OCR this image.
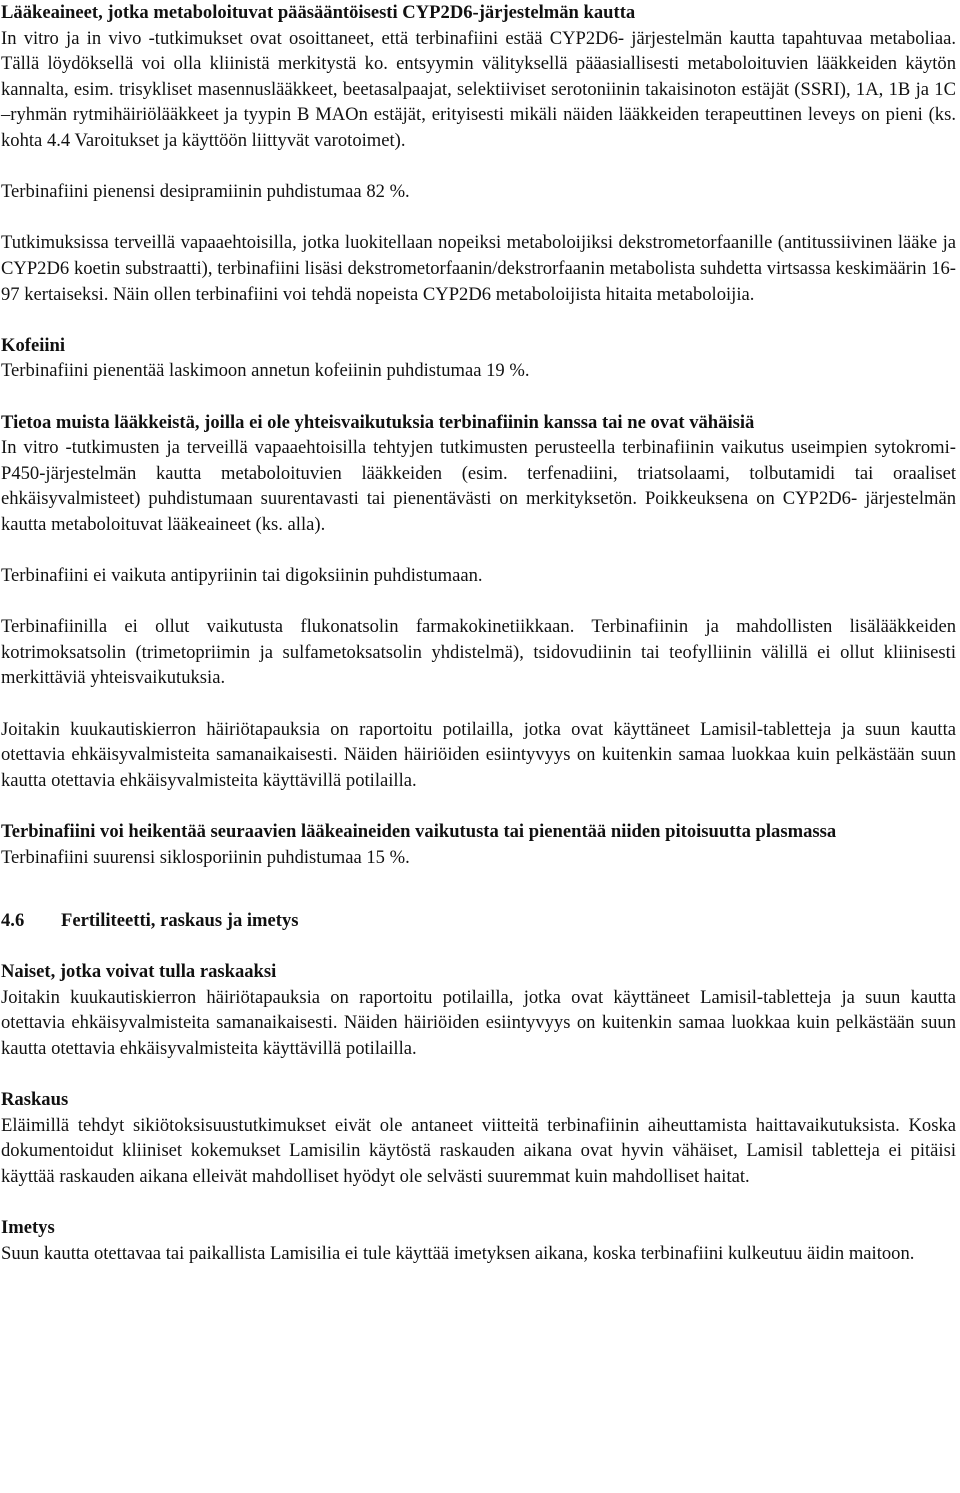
Lääkeaineet, jotka metaboloituvat pääsääntöisesti CYP2D6-järjestelmän kautta

In vitro ja in vivo -tutkimukset ovat osoittaneet, että terbinafiini estää CYP2D6- järjestelmän kautta tapahtuvaa metaboliaa. Tällä löydöksellä voi olla kliinistä merkitystä ko. entsyymin välityksellä pääasiallisesti metaboloituvien lääkkeiden käytön kannalta, esim. trisykliset masennuslääkkeet, beetasalpaajat, selektiiviset serotoniinin takaisinoton estäjät (SSRI), 1A, 1B ja 1C –ryhmän rytmihäiriölääkkeet ja tyypin B MAOn estäjät, erityisesti mikäli näiden lääkkeiden terapeuttinen leveys on pieni (ks. kohta 4.4 Varoitukset ja käyttöön liittyvät varotoimet).

Terbinafiini pienensi desipramiinin puhdistumaa 82 %.

Tutkimuksissa terveillä vapaaehtoisilla, jotka luokitellaan nopeiksi metaboloijiksi dekstrometorfaanille (antitussiivinen lääke ja CYP2D6 koetin substraatti), terbinafiini lisäsi dekstrometorfaanin/dekstrorfaanin metabolista suhdetta virtsassa keskimäärin 16-97 kertaiseksi. Näin ollen terbinafiini voi tehdä nopeista CYP2D6 metaboloijista hitaita metaboloijia.

Kofeiini

Terbinafiini pienentää laskimoon annetun kofeiinin puhdistumaa 19 %.

Tietoa muista lääkkeistä, joilla ei ole yhteisvaikutuksia terbinafiinin kanssa tai ne ovat vähäisiä

In vitro -tutkimusten ja terveillä vapaaehtoisilla tehtyjen tutkimusten perusteella terbinafiinin vaikutus useimpien sytokromi-P450-järjestelmän kautta metaboloituvien lääkkeiden (esim. terfenadiini, triatsolaami, tolbutamidi tai oraaliset ehkäisyvalmisteet) puhdistumaan suurentavasti tai pienentävästi on merkityksetön. Poikkeuksena on CYP2D6- järjestelmän kautta metaboloituvat lääkeaineet (ks. alla).

Terbinafiini ei vaikuta antipyriinin tai digoksiinin puhdistumaan.

Terbinafiinilla ei ollut vaikutusta flukonatsolin farmakokinetiikkaan. Terbinafiinin ja mahdollisten lisälääkkeiden kotrimoksatsolin (trimetopriimin ja sulfametoksatsolin yhdistelmä), tsidovudiinin tai teofylliinin välillä ei ollut kliinisesti merkittäviä yhteisvaikutuksia.

Joitakin kuukautiskierron häiriötapauksia on raportoitu potilailla, jotka ovat käyttäneet Lamisil-tabletteja ja suun kautta otettavia ehkäisyvalmisteita samanaikaisesti. Näiden häiriöiden esiintyvyys on kuitenkin samaa luokkaa kuin pelkästään suun kautta otettavia ehkäisyvalmisteita käyttävillä potilailla.

Terbinafiini voi heikentää seuraavien lääkeaineiden vaikutusta tai pienentää niiden pitoisuutta plasmassa

Terbinafiini suurensi siklosporiinin puhdistumaa 15 %.

4.6 Fertiliteetti, raskaus ja imetys
Naiset, jotka voivat tulla raskaaksi

Joitakin kuukautiskierron häiriötapauksia on raportoitu potilailla, jotka ovat käyttäneet Lamisil-tabletteja ja suun kautta otettavia ehkäisyvalmisteita samanaikaisesti. Näiden häiriöiden esiintyvyys on kuitenkin samaa luokkaa kuin pelkästään suun kautta otettavia ehkäisyvalmisteita käyttävillä potilailla.

Raskaus

Eläimillä tehdyt sikiötoksisuustutkimukset eivät ole antaneet viitteitä terbinafiinin aiheuttamista haittavaikutuksista. Koska dokumentoidut kliiniset kokemukset Lamisilin käytöstä raskauden aikana ovat hyvin vähäiset, Lamisil tabletteja ei pitäisi käyttää raskauden aikana elleivät mahdolliset hyödyt ole selvästi suuremmat kuin mahdolliset haitat.

Imetys

Suun kautta otettavaa tai paikallista Lamisilia ei tule käyttää imetyksen aikana, koska terbinafiini kulkeutuu äidin maitoon.
